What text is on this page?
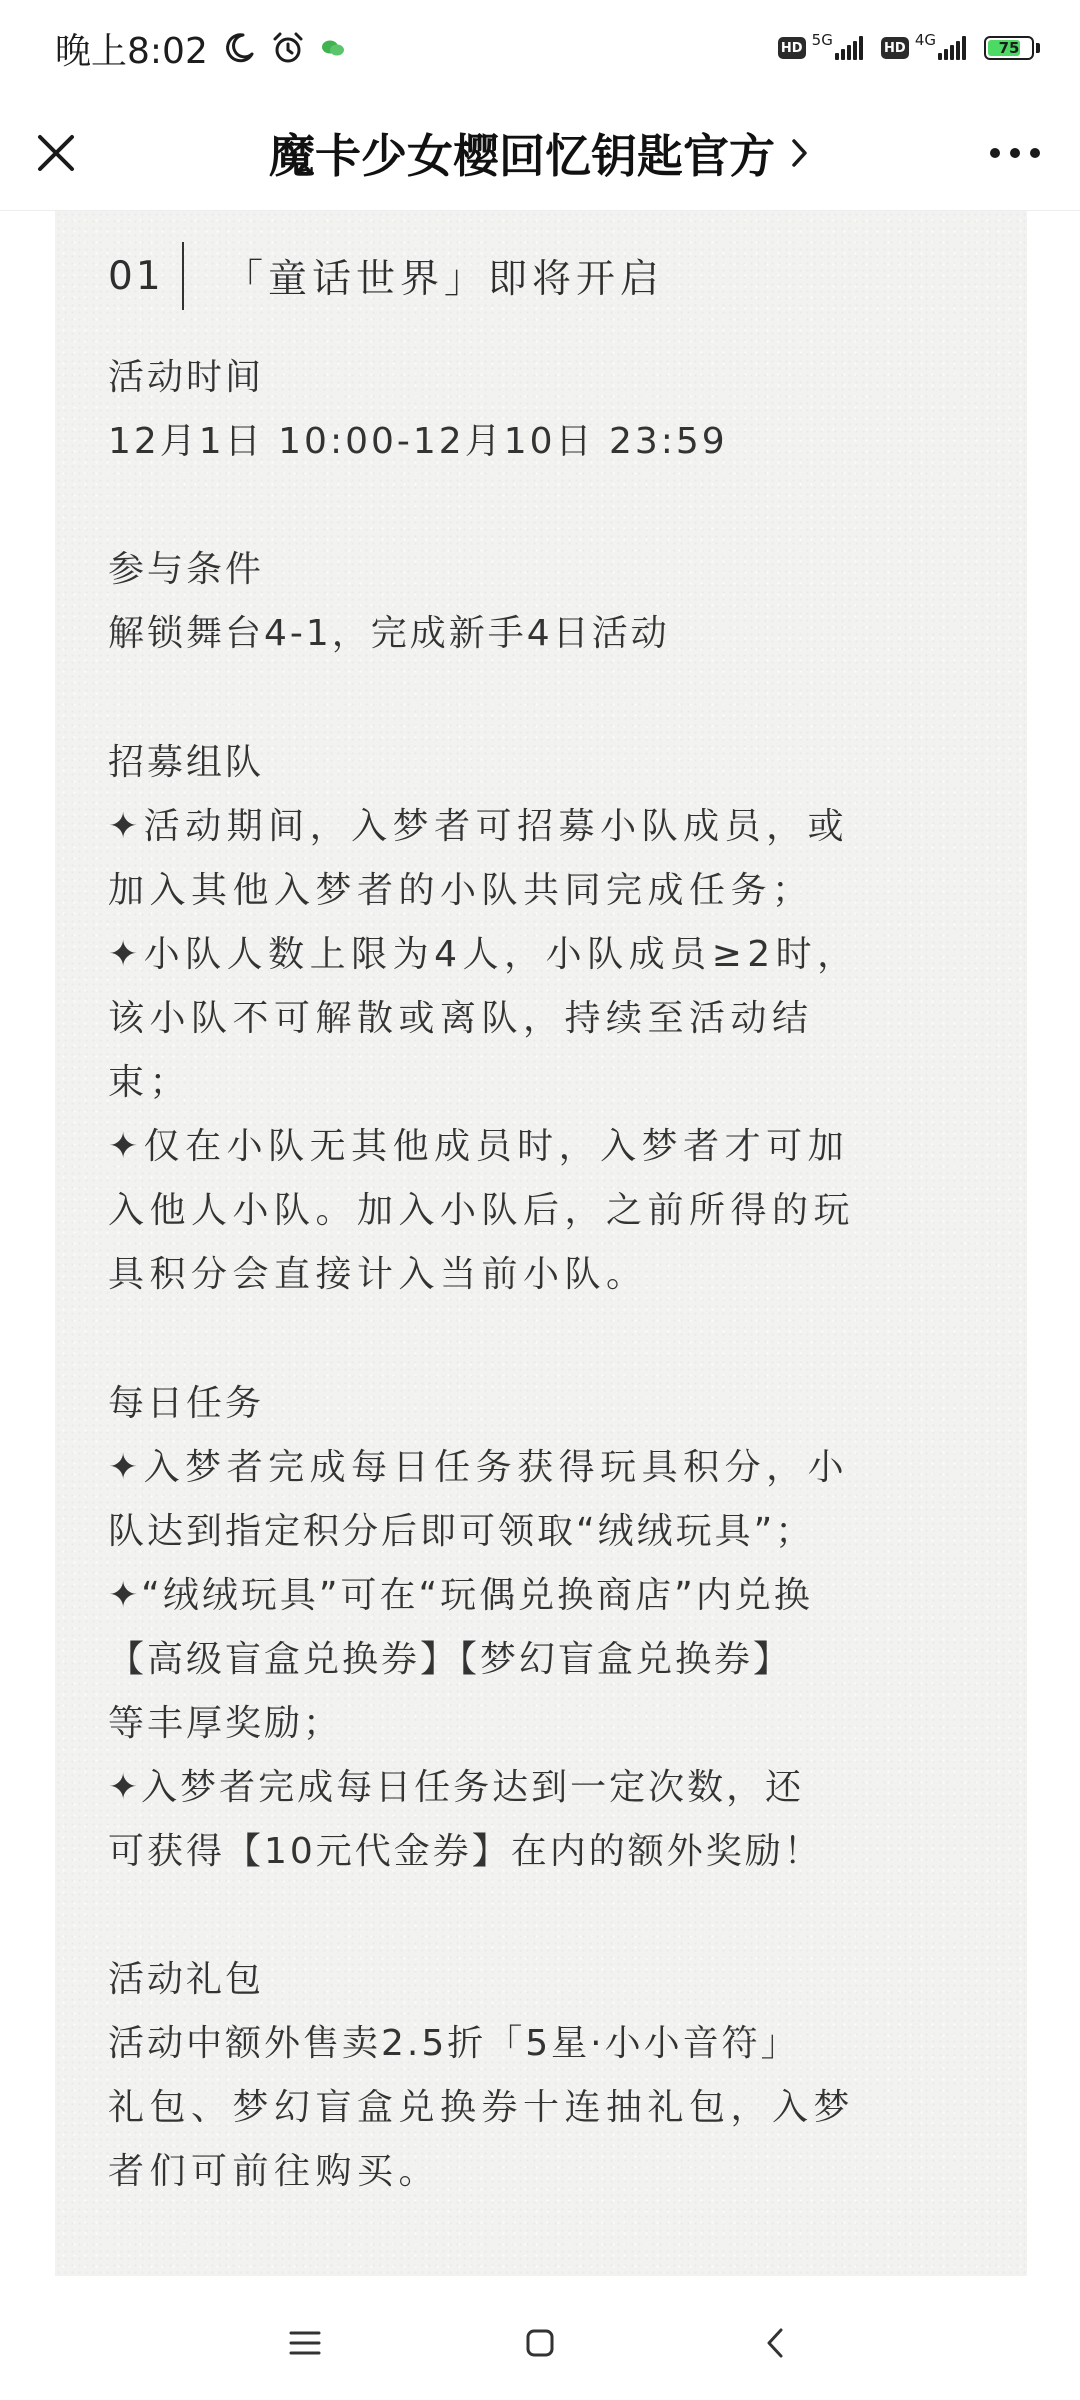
晚上8:02	HD 5G	HD 4G	75
魔卡少女樱回忆钥匙官方
01	「童话世界」即将开启
活动时间
12月1日 10:00-12月10日 23:59
参与条件
解锁舞台4-1，完成新手4日活动
招募组队
✦活动期间，入梦者可招募小队成员，或
加入其他入梦者的小队共同完成任务；
✦小队人数上限为4人，小队成员≥2时，
该小队不可解散或离队，持续至活动结
束；
✦仅在小队无其他成员时，入梦者才可加
入他人小队。加入小队后，之前所得的玩
具积分会直接计入当前小队。
每日任务
✦入梦者完成每日任务获得玩具积分，小
队达到指定积分后即可领取“绒绒玩具”；
✦“绒绒玩具”可在“玩偶兑换商店”内兑换
【高级盲盒兑换券】【梦幻盲盒兑换券】
等丰厚奖励；
✦入梦者完成每日任务达到一定次数，还
可获得【10元代金券】在内的额外奖励！
活动礼包
活动中额外售卖2.5折「5星·小小音符」
礼包、梦幻盲盒兑换券十连抽礼包，入梦
者们可前往购买。
